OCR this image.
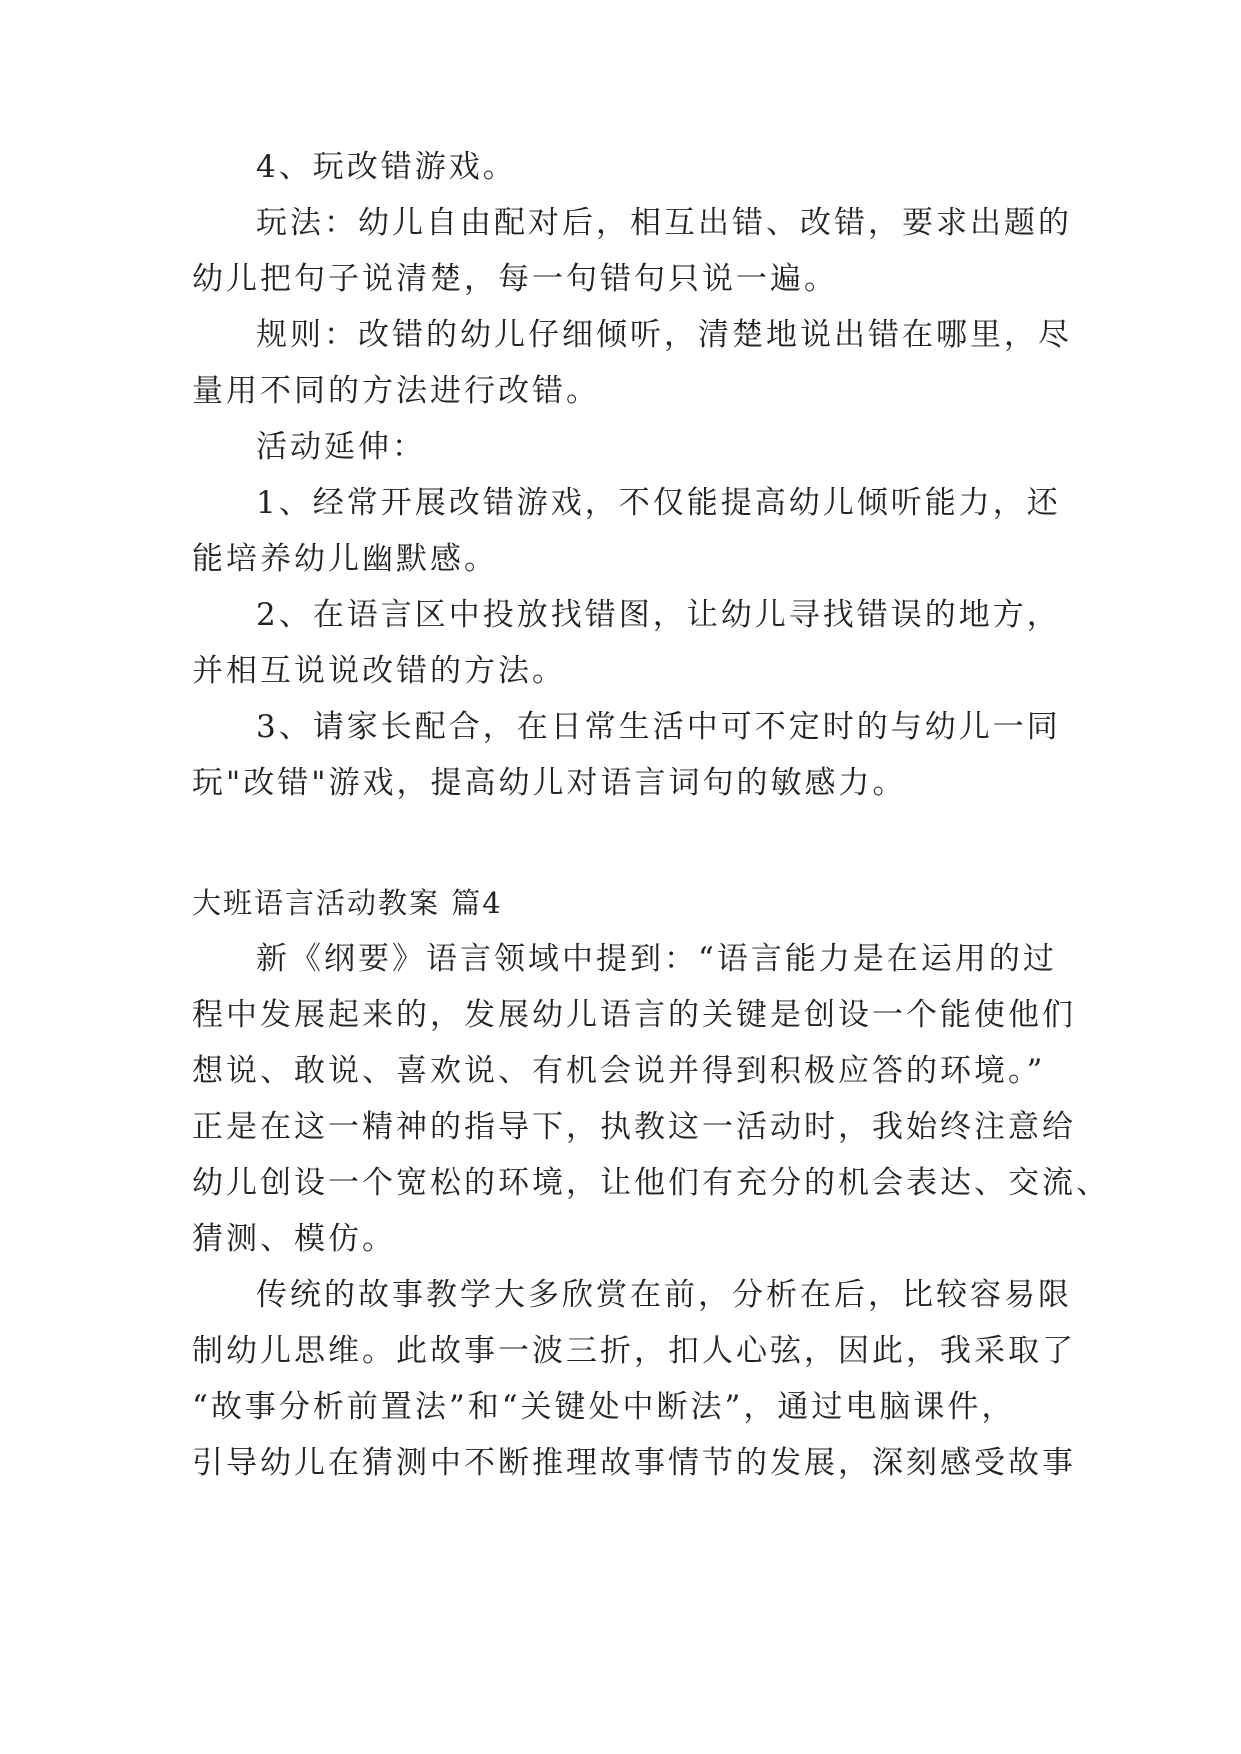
4、玩改错游戏。
玩法：幼儿自由配对后，相互出错、改错，要求出题的
幼儿把句子说清楚，每一句错句只说一遍。
规则：改错的幼儿仔细倾听，清楚地说出错在哪里，尽
量用不同的方法进行改错。
活动延伸：
1、经常开展改错游戏，不仅能提高幼儿倾听能力，还
能培养幼儿幽默感。
2、在语言区中投放找错图，让幼儿寻找错误的地方，
并相互说说改错的方法。
3、请家长配合，在日常生活中可不定时的与幼儿一同
玩"改错"游戏，提高幼儿对语言词句的敏感力。
大班语言活动教案 篇4
新《纲要》语言领域中提到：“语言能力是在运用的过
程中发展起来的，发展幼儿语言的关键是创设一个能使他们
想说、敢说、喜欢说、有机会说并得到积极应答的环境。”
正是在这一精神的指导下，执教这一活动时，我始终注意给
幼儿创设一个宽松的环境，让他们有充分的机会表达、交流、
猜测、模仿。
传统的故事教学大多欣赏在前，分析在后，比较容易限
制幼儿思维。此故事一波三折，扣人心弦，因此，我采取了
“故事分析前置法”和“关键处中断法”，通过电脑课件，
引导幼儿在猜测中不断推理故事情节的发展，深刻感受故事
